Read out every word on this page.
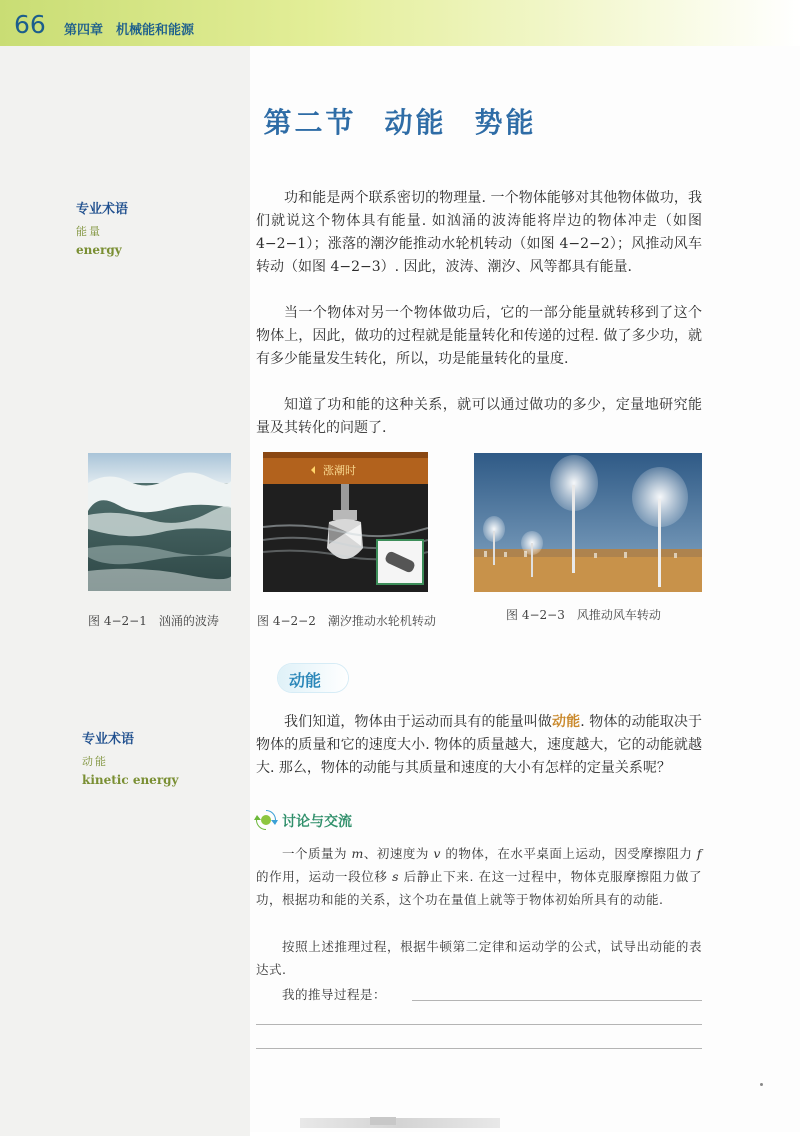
66 第四章　机械能和能源
第二节 动能 势能
专业术语
能量
energy

功和能是两个联系密切的物理量. 一个物体能够对其他物体做功，我们就说这个物体具有能量. 如汹涌的波涛能将岸边的物体冲走（如图 4−2−1）；涨落的潮汐能推动水轮机转动（如图 4−2−2）；风推动风车转动（如图 4−2−3）. 因此，波涛、潮汐、风等都具有能量.

当一个物体对另一个物体做功后，它的一部分能量就转移到了这个物体上，因此，做功的过程就是能量转化和传递的过程. 做了多少功，就有多少能量发生转化，所以，功是能量转化的量度.

知道了功和能的这种关系，就可以通过做功的多少，定量地研究能量及其转化的问题了.

图 4−2−1　汹涌的波涛
涨潮时
图 4−2−2　潮汐推动水轮机转动	图 4−2−3　风推动风车转动
动能
专业术语
动能
kinetic energy

我们知道，物体由于运动而具有的能量叫做动能. 物体的动能取决于物体的质量和它的速度大小. 物体的质量越大，速度越大，它的动能就越大. 那么，物体的动能与其质量和速度的大小有怎样的定量关系呢？

讨论与交流

一个质量为 m、初速度为 v 的物体，在水平桌面上运动，因受摩擦阻力 f 的作用，运动一段位移 s 后静止下来. 在这一过程中，物体克服摩擦阻力做了功，根据功和能的关系，这个功在量值上就等于物体初始所具有的动能.

按照上述推理过程，根据牛顿第二定律和运动学的公式，试导出动能的表达式.

我的推导过程是：
